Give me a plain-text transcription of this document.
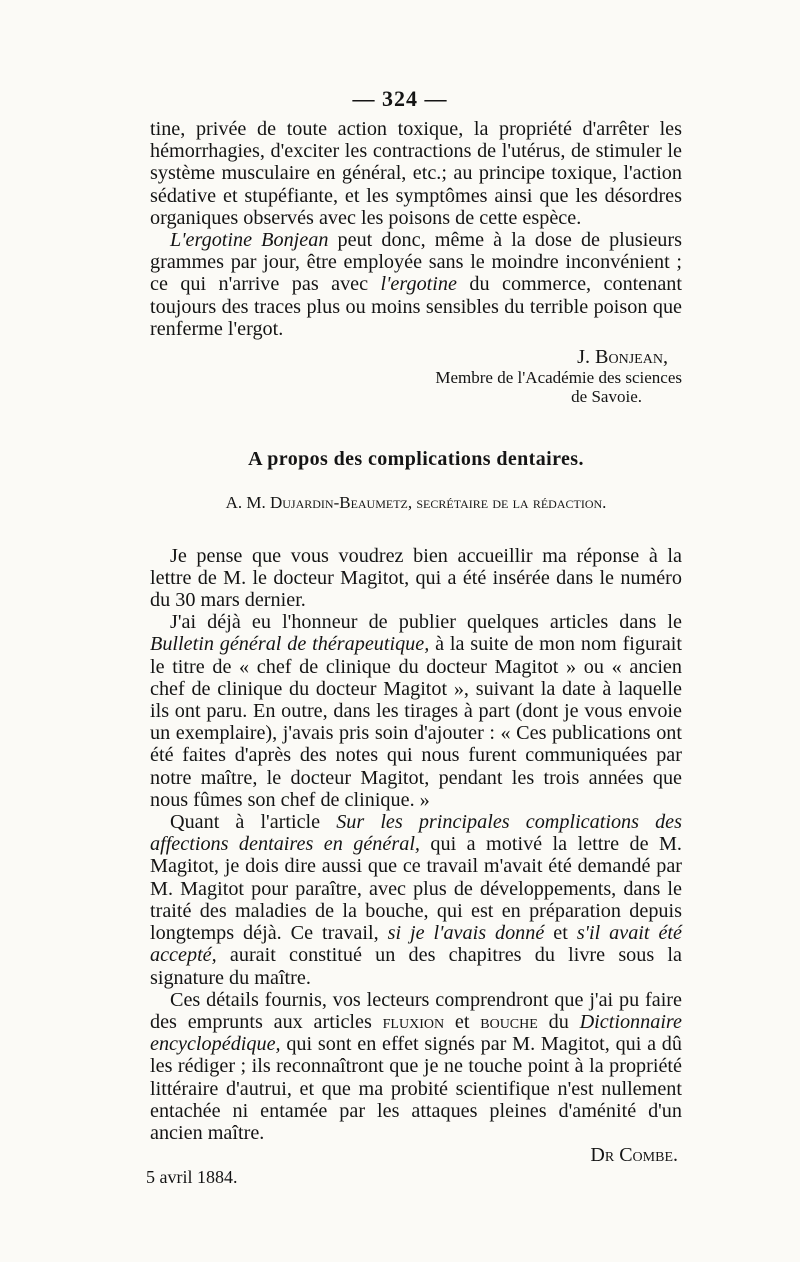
— 324 —

tine, privée de toute action toxique, la propriété d'arrêter les hémorrhagies, d'exciter les contractions de l'utérus, de stimuler le système musculaire en général, etc.; au principe toxique, l'action sédative et stupéfiante, et les symptômes ainsi que les désordres organiques observés avec les poisons de cette espèce.

L'ergotine Bonjean peut donc, même à la dose de plusieurs grammes par jour, être employée sans le moindre inconvénient ; ce qui n'arrive pas avec l'ergotine du commerce, contenant toujours des traces plus ou moins sensibles du terrible poison que renferme l'ergot.

J. Bonjean,

Membre de l'Académie des sciences

de Savoie.

A propos des complications dentaires.

A. M. Dujardin-Beaumetz, secrétaire de la rédaction.

Je pense que vous voudrez bien accueillir ma réponse à la lettre de M. le docteur Magitot, qui a été insérée dans le numéro du 30 mars dernier.

J'ai déjà eu l'honneur de publier quelques articles dans le Bulletin général de thérapeutique, à la suite de mon nom figurait le titre de « chef de clinique du docteur Magitot » ou « ancien chef de clinique du docteur Magitot », suivant la date à laquelle ils ont paru. En outre, dans les tirages à part (dont je vous envoie un exemplaire), j'avais pris soin d'ajouter : « Ces publications ont été faites d'après des notes qui nous furent communiquées par notre maître, le docteur Magitot, pendant les trois années que nous fûmes son chef de clinique. »

Quant à l'article Sur les principales complications des affections dentaires en général, qui a motivé la lettre de M. Magitot, je dois dire aussi que ce travail m'avait été demandé par M. Magitot pour paraître, avec plus de développements, dans le traité des maladies de la bouche, qui est en préparation depuis longtemps déjà. Ce travail, si je l'avais donné et s'il avait été accepté, aurait constitué un des chapitres du livre sous la signature du maître.

Ces détails fournis, vos lecteurs comprendront que j'ai pu faire des emprunts aux articles fluxion et bouche du Dictionnaire encyclopédique, qui sont en effet signés par M. Magitot, qui a dû les rédiger ; ils reconnaîtront que je ne touche point à la propriété littéraire d'autrui, et que ma probité scientifique n'est nullement entachée ni entamée par les attaques pleines d'aménité d'un ancien maître.

Dr Combe.
5 avril 1884.
